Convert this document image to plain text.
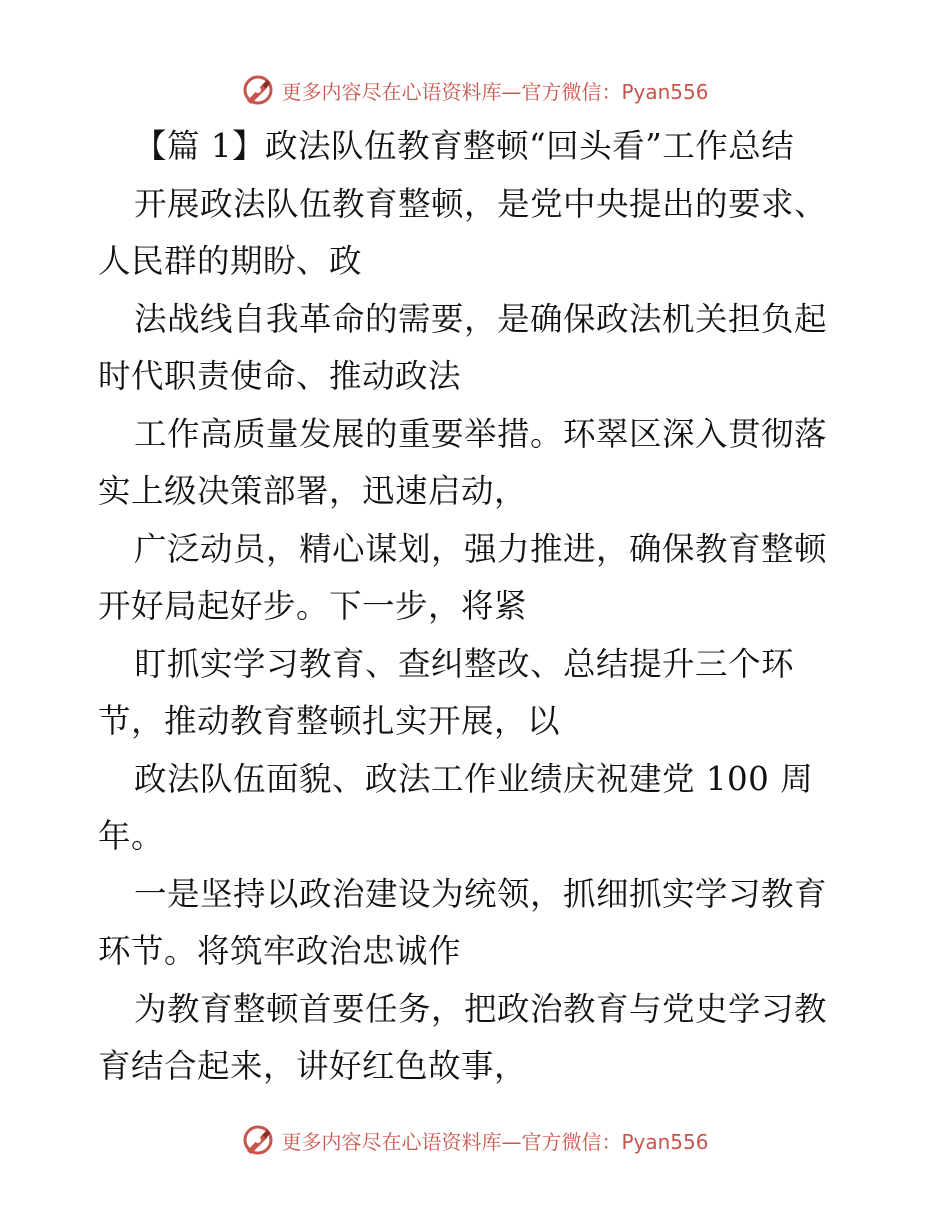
更多内容尽在心语资料库—官方微信：Pyan556
【篇 1】政法队伍教育整顿“回头看”工作总结
开展政法队伍教育整顿，是党中央提出的要求、
人民群的期盼、政
法战线自我革命的需要，是确保政法机关担负起
时代职责使命、推动政法
工作高质量发展的重要举措。环翠区深入贯彻落
实上级决策部署，迅速启动，
广泛动员，精心谋划，强力推进，确保教育整顿
开好局起好步。下一步，将紧
盯抓实学习教育、查纠整改、总结提升三个环
节，推动教育整顿扎实开展，以
政法队伍面貌、政法工作业绩庆祝建党 100 周
年。
一是坚持以政治建设为统领，抓细抓实学习教育
环节。将筑牢政治忠诚作
为教育整顿首要任务，把政治教育与党史学习教
育结合起来，讲好红色故事，
更多内容尽在心语资料库—官方微信：Pyan556
